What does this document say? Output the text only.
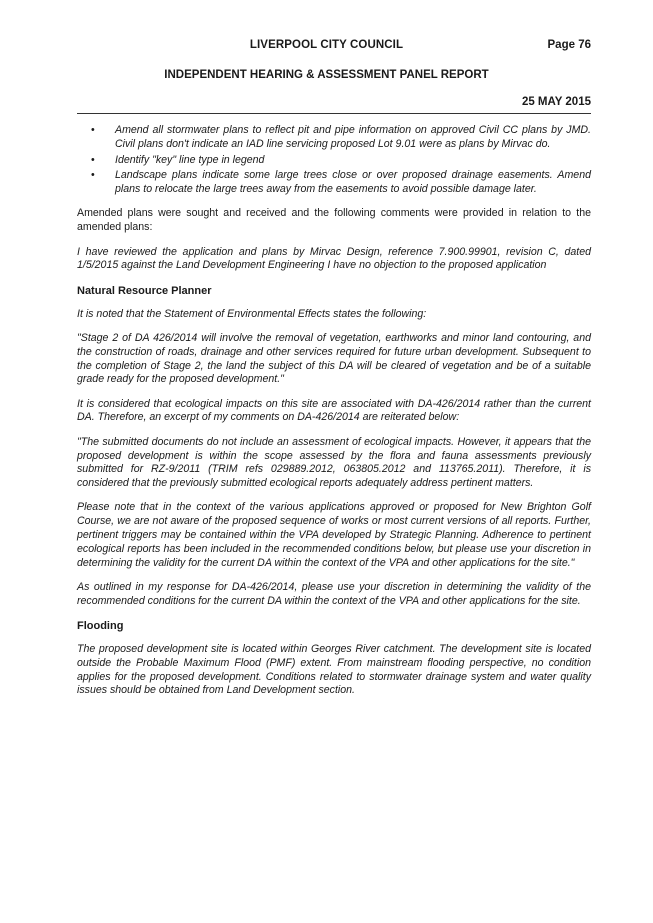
LIVERPOOL CITY COUNCIL	Page 76
INDEPENDENT HEARING & ASSESSMENT PANEL REPORT
25 MAY 2015
• Amend all stormwater plans to reflect pit and pipe information on approved Civil CC plans by JMD. Civil plans don't indicate an IAD line servicing proposed Lot 9.01 were as plans by Mirvac do.
• Identify "key" line type in legend
• Landscape plans indicate some large trees close or over proposed drainage easements. Amend plans to relocate the large trees away from the easements to avoid possible damage later.

Amended plans were sought and received and the following comments were provided in relation to the amended plans:

I have reviewed the application and plans by Mirvac Design, reference 7.900.99901, revision C, dated 1/5/2015 against the Land Development Engineering I have no objection to the proposed application

Natural Resource Planner

It is noted that the Statement of Environmental Effects states the following:

"Stage 2 of DA 426/2014 will involve the removal of vegetation, earthworks and minor land contouring, and the construction of roads, drainage and other services required for future urban development. Subsequent to the completion of Stage 2, the land the subject of this DA will be cleared of vegetation and be of a suitable grade ready for the proposed development."

It is considered that ecological impacts on this site are associated with DA-426/2014 rather than the current DA. Therefore, an excerpt of my comments on DA-426/2014 are reiterated below:

"The submitted documents do not include an assessment of ecological impacts. However, it appears that the proposed development is within the scope assessed by the flora and fauna assessments previously submitted for RZ-9/2011 (TRIM refs 029889.2012, 063805.2012 and 113765.2011). Therefore, it is considered that the previously submitted ecological reports adequately address pertinent matters.

Please note that in the context of the various applications approved or proposed for New Brighton Golf Course, we are not aware of the proposed sequence of works or most current versions of all reports. Further, pertinent triggers may be contained within the VPA developed by Strategic Planning. Adherence to pertinent ecological reports has been included in the recommended conditions below, but please use your discretion in determining the validity for the current DA within the context of the VPA and other applications for the site."

As outlined in my response for DA-426/2014, please use your discretion in determining the validity of the recommended conditions for the current DA within the context of the VPA and other applications for the site.

Flooding

The proposed development site is located within Georges River catchment. The development site is located outside the Probable Maximum Flood (PMF) extent. From mainstream flooding perspective, no condition applies for the proposed development. Conditions related to stormwater drainage system and water quality issues should be obtained from Land Development section.
